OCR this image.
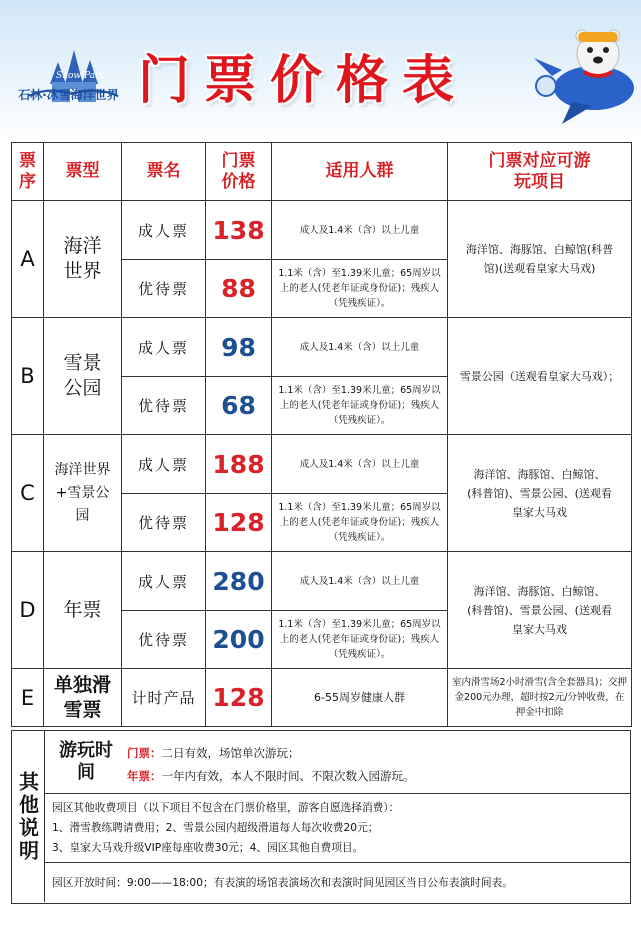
Snow Park
石林·冰雪海洋世界 门票价格表
票序	票型	票名	门票价格	适用人群	门票对应可游玩项目
A	海洋世界	成人票	138	成人及1.4米（含）以上儿童	海洋馆、海豚馆、白鲸馆(科普馆)(送观看皇家大马戏)
		优待票	88	1.1米（含）至1.39米儿童；65周岁以上的老人(凭老年证或身份证)；残疾人（凭残疾证）。	
B	雪景公园	成人票	98	成人及1.4米（含）以上儿童	雪景公园（送观看皇家大马戏）；
		优待票	68	1.1米（含）至1.39米儿童；65周岁以上的老人(凭老年证或身份证)；残疾人（凭残疾证）。	
C	海洋世界+雪景公园	成人票	188	成人及1.4米（含）以上儿童	海洋馆、海豚馆、白鲸馆、(科普馆)、雪景公园、(送观看皇家大马戏
		优待票	128	1.1米（含）至1.39米儿童；65周岁以上的老人(凭老年证或身份证)；残疾人（凭残疾证）。	
D	年票	成人票	280	成人及1.4米（含）以上儿童	海洋馆、海豚馆、白鲸馆、(科普馆)、雪景公园、(送观看皇家大马戏
		优待票	200	1.1米（含）至1.39米儿童；65周岁以上的老人(凭老年证或身份证)；残疾人（凭残疾证）。	
E	单独滑雪票	计时产品	128	6-55周岁健康人群	室内滑雪场2小时滑雪(含全套器具)；交押金200元办理，超时按2元/分钟收费，在押金中扣除
其他说明
游玩时间
门票：二日有效，场馆单次游玩；
年票：一年内有效，本人不限时间、不限次数入园游玩。
园区其他收费项目（以下项目不包含在门票价格里，游客自愿选择消费）：
1、滑雪教练聘请费用；2、雪景公园内超级滑道每人每次收费20元；
3、皇家大马戏升级VIP座每座收费30元；4、园区其他自费项目。
园区开放时间：9:00——18:00；有表演的场馆表演场次和表演时间见园区当日公布表演时间表。
